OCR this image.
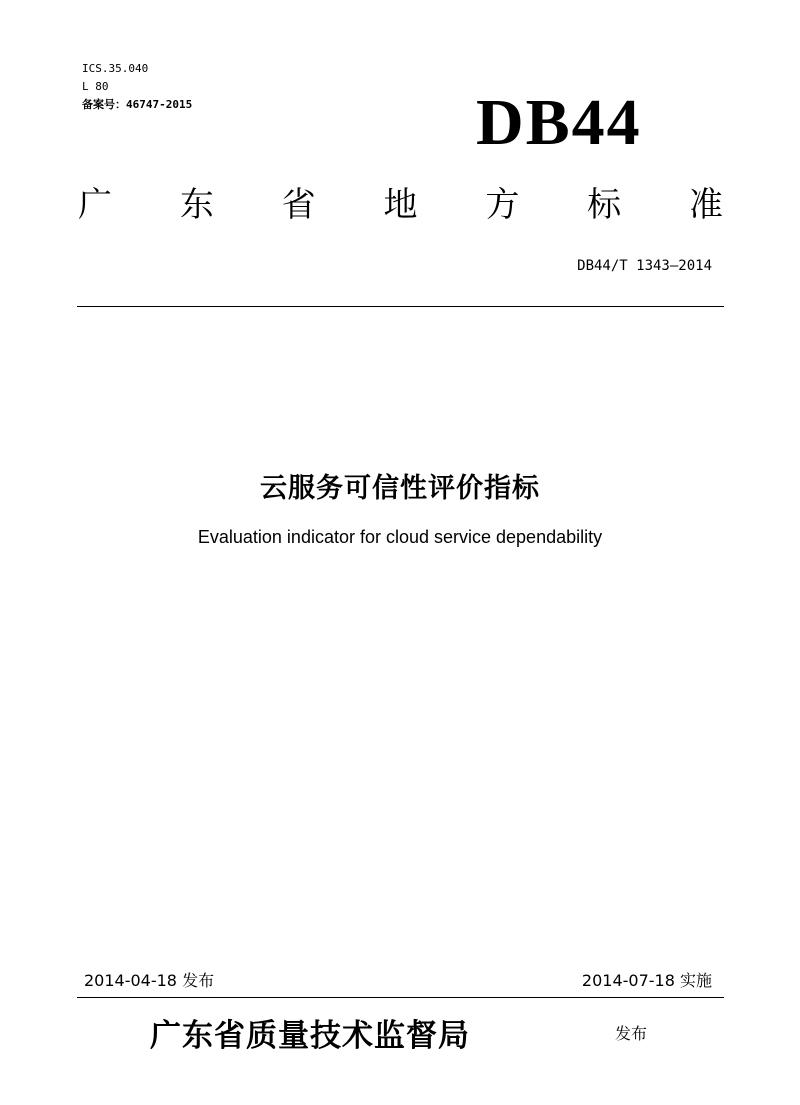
ICS.35.040
L 80
备案号：46747-2015	DB44
广 东 省 地 方 标 准
DB44/T 1343—2014
云服务可信性评价指标
Evaluation indicator for cloud service dependability
2014-04-18 发布	2014-07-18 实施
广东省质量技术监督局	发布
